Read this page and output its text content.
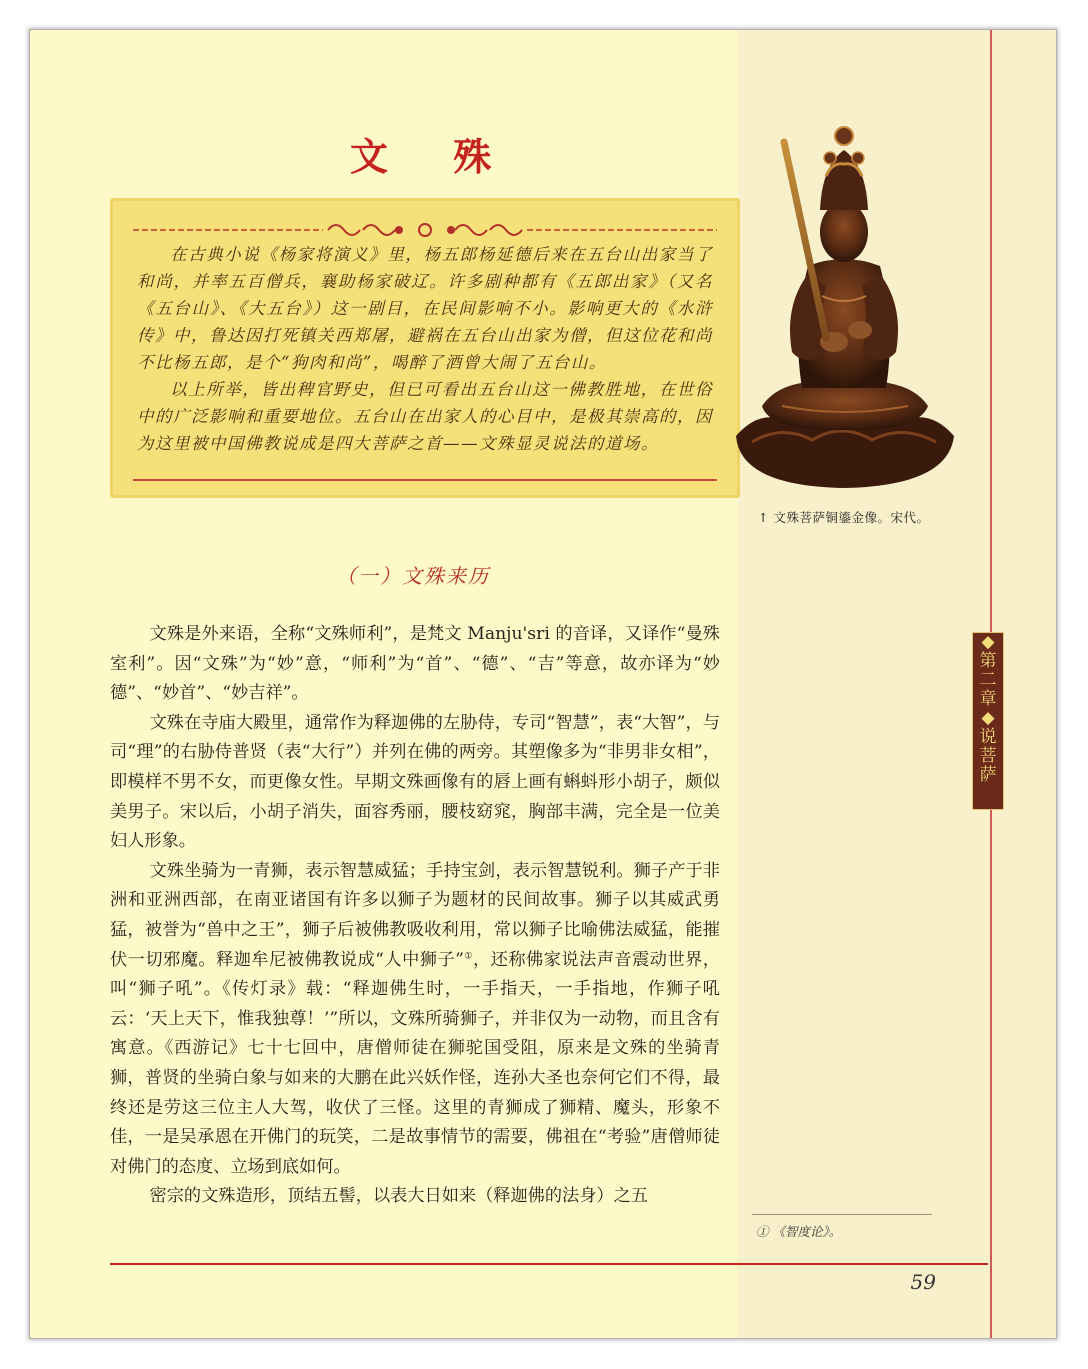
文 殊

在古典小说《杨家将演义》里，杨五郎杨延德后来在五台山出家当了和尚，并率五百僧兵，襄助杨家破辽。许多剧种都有《五郎出家》（又名《五台山》、《大五台》）这一剧目，在民间影响不小。影响更大的《水浒传》中，鲁达因打死镇关西郑屠，避祸在五台山出家为僧，但这位花和尚不比杨五郎，是个“狗肉和尚”，喝醉了酒曾大闹了五台山。

以上所举，皆出稗官野史，但已可看出五台山这一佛教胜地，在世俗中的广泛影响和重要地位。五台山在出家人的心目中，是极其崇高的，因为这里被中国佛教说成是四大菩萨之首——文殊显灵说法的道场。

↑ 文殊菩萨铜鎏金像。宋代。
（一）文殊来历

文殊是外来语，全称“文殊师利”，是梵文 Manju'sri 的音译，又译作“曼殊室利”。因“文殊”为“妙”意，“师利”为“首”、“德”、“吉”等意，故亦译为“妙德”、“妙首”、“妙吉祥”。

文殊在寺庙大殿里，通常作为释迦佛的左胁侍，专司“智慧”，表“大智”，与司“理”的右胁侍普贤（表“大行”）并列在佛的两旁。其塑像多为“非男非女相”，即模样不男不女，而更像女性。早期文殊画像有的唇上画有蝌蚪形小胡子，颇似美男子。宋以后，小胡子消失，面容秀丽，腰枝窈窕，胸部丰满，完全是一位美妇人形象。

文殊坐骑为一青狮，表示智慧威猛；手持宝剑，表示智慧锐利。狮子产于非洲和亚洲西部，在南亚诸国有许多以狮子为题材的民间故事。狮子以其威武勇猛，被誉为“兽中之王”，狮子后被佛教吸收利用，常以狮子比喻佛法威猛，能摧伏一切邪魔。释迦牟尼被佛教说成“人中狮子”①，还称佛家说法声音震动世界，叫“狮子吼”。《传灯录》载：“释迦佛生时，一手指天，一手指地，作狮子吼云：‘天上天下，惟我独尊！’”所以，文殊所骑狮子，并非仅为一动物，而且含有寓意。《西游记》七十七回中，唐僧师徒在狮驼国受阻，原来是文殊的坐骑青狮，普贤的坐骑白象与如来的大鹏在此兴妖作怪，连孙大圣也奈何它们不得，最终还是劳这三位主人大驾，收伏了三怪。这里的青狮成了狮精、魔头，形象不佳，一是吴承恩在开佛门的玩笑，二是故事情节的需要，佛祖在“考验”唐僧师徒对佛门的态度、立场到底如何。

密宗的文殊造形，顶结五髻，以表大日如来（释迦佛的法身）之五

◆
第
二
章
◆
说
菩
萨
① 《智度论》。
59
